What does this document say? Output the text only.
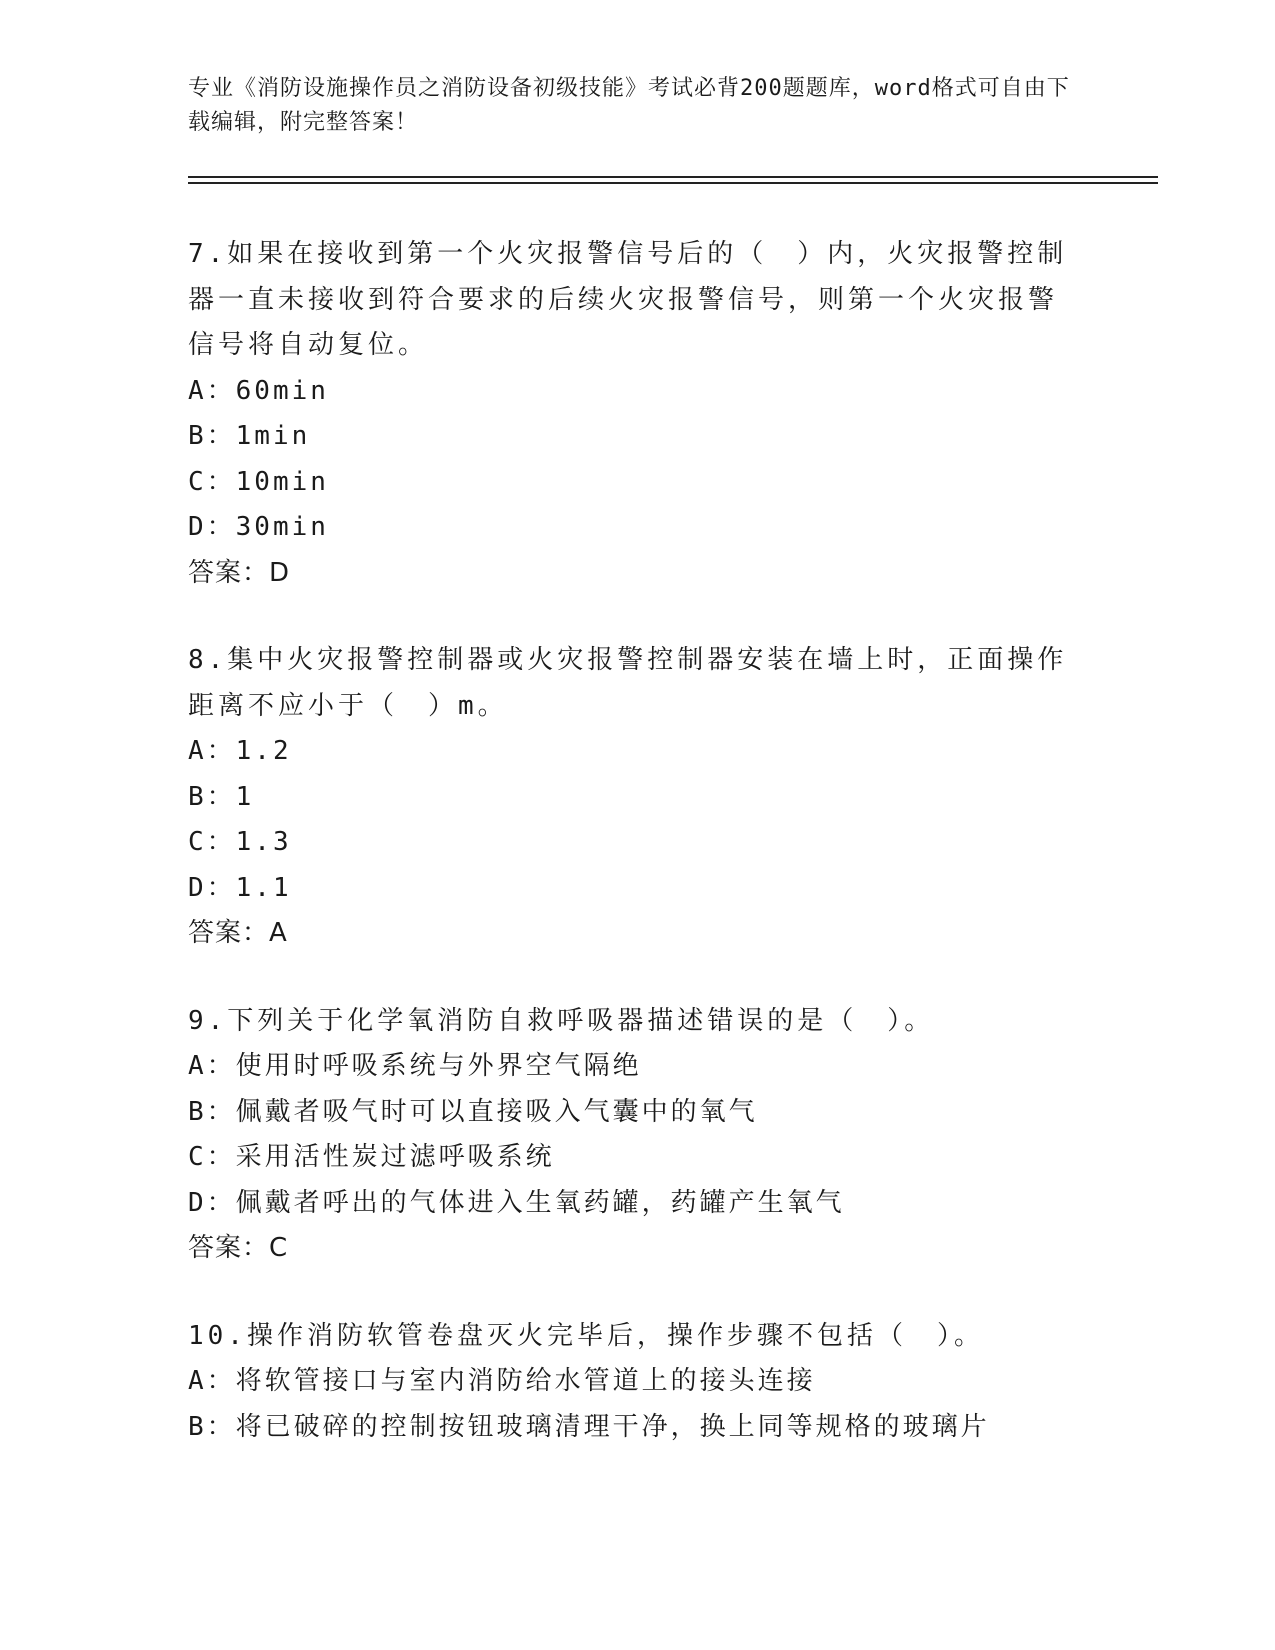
专业《消防设施操作员之消防设备初级技能》考试必背200题题库，word格式可自由下载编辑，附完整答案！
7.如果在接收到第一个火灾报警信号后的（　）内，火灾报警控制器一直未接收到符合要求的后续火灾报警信号，则第一个火灾报警信号将自动复位。
A：60min
B：1min
C：10min
D：30min
答案：D
8.集中火灾报警控制器或火灾报警控制器安装在墙上时，正面操作距离不应小于（　）m。
A：1.2
B：1
C：1.3
D：1.1
答案：A
9.下列关于化学氧消防自救呼吸器描述错误的是（　）。
A：使用时呼吸系统与外界空气隔绝
B：佩戴者吸气时可以直接吸入气囊中的氧气
C：采用活性炭过滤呼吸系统
D：佩戴者呼出的气体进入生氧药罐，药罐产生氧气
答案：C
10.操作消防软管卷盘灭火完毕后，操作步骤不包括（　）。
A：将软管接口与室内消防给水管道上的接头连接
B：将已破碎的控制按钮玻璃清理干净，换上同等规格的玻璃片
